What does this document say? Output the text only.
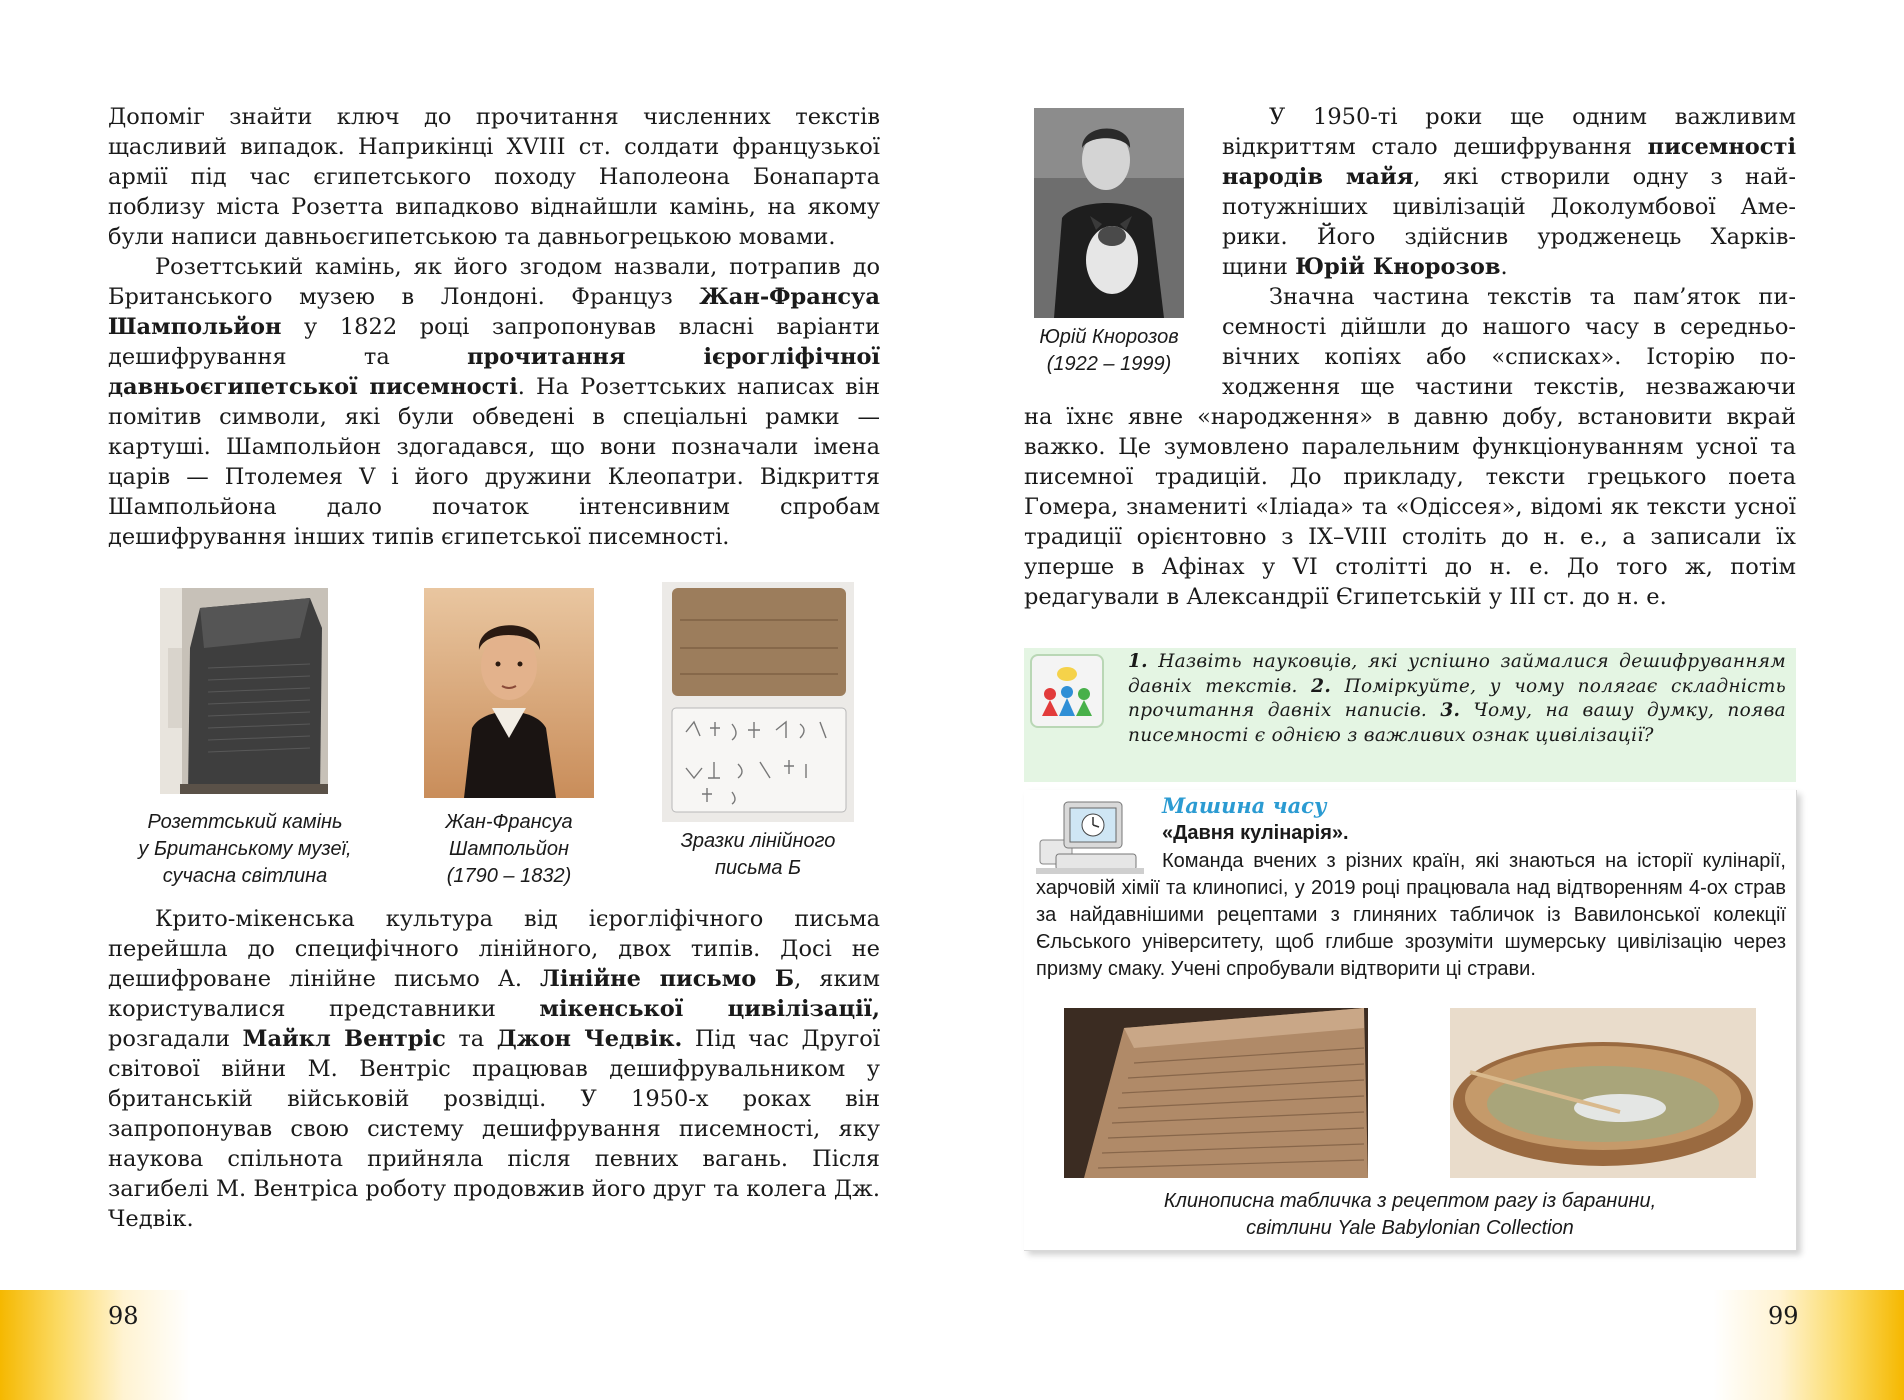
Допоміг знайти ключ до прочитання численних текстів щасливий випадок. Наприкінці XVIII ст. солдати французької армії під час єгипетського походу Наполеона Бонапарта поблизу міста Розетта випадково віднайшли камінь, на якому були написи давньоєгипетською та давньогрецькою мовами.

Розеттський камінь, як його згодом назвали, потрапив до Британського музею в Лондоні. Француз Жан-Франсуа Шампольйон у 1822 році запропонував власні варіанти дешифрування та прочитання ієрогліфічної давньоєгипетської писемності. На Розеттських написах він помітив символи, які були обведені в спеціальні рамки — картуші. Шампольйон здогадався, що вони позначали імена царів — Птолемея V і його дружини Клеопатри. Відкриття Шампольйона дало початок інтенсивним спробам дешифрування інших типів єгипетської писемності.

Розеттський камінь
у Британському музеї,
сучасна світлина
Жан-Франсуа
Шампольйон
(1790 – 1832)
Зразки лінійного
письма Б

Крито-мікенська культура від ієрогліфічного письма перейшла до специфічного лінійного, двох типів. Досі не дешифроване лінійне письмо А. Лінійне письмо Б, яким користувалися представники мікенської цивілізації, розгадали Майкл Вентріс та Джон Чедвік. Під час Другої світової війни М. Вентріс працював дешифрувальником у британській військовій розвідці. У 1950-х роках він запропонував свою систему дешифрування писемності, яку наукова спільнота прийняла після певних вагань. Після загибелі М. Вентріса роботу продовжив його друг та колега Дж. Чедвік.

98
Юрій Кнорозов
(1922 – 1999)
У 1950-ті роки ще одним важливим
відкриттям стало дешифрування писемності
народів майя, які створили одну з най-
потужніших цивілізацій Доколумбової Аме-
рики. Його здійснив уродженець Харків-
щини Юрій Кнорозов.
Значна частина текстів та пам’яток пи-
семності дійшли до нашого часу в середньо-
вічних копіях або «списках». Історію по-
ходження ще частини текстів, незважаючи

на їхнє явне «народження» в давню добу, встановити вкрай важко. Це зумовлено паралельним функціонуванням усної та писемної традицій. До прикладу, тексти грецького поета Гомера, знамениті «Іліада» та «Одіссея», відомі як тексти усної традиції орієнтовно з IX–VIII століть до н. е., а записали їх уперше в Афінах у VI столітті до н. е. До того ж, потім редагували в Александрії Єгипетській у III ст. до н. е.

1. Назвіть науковців, які успішно займалися дешифруванням давніх текстів. 2. Поміркуйте, у чому полягає складність прочитання давніх написів. 3. Чому, на вашу думку, поява писемності є однією з важливих ознак цивілізації?

Машина часу
«Давня кулінарія».

Команда вчених з різних країн, які знаються на історії кулінарії, харчовій хімії та клинописі, у 2019 році працювала над відтворенням 4-ох страв за найдавнішими рецептами з глиняних табличок із Вавилонської колекції Єльського університету, щоб глибше зрозуміти шумерську цивілізацію через призму смаку. Учені спробували відтворити ці страви.

Клинописна табличка з рецептом рагу із баранини,
світлини Yale Babylonian Collection
99
